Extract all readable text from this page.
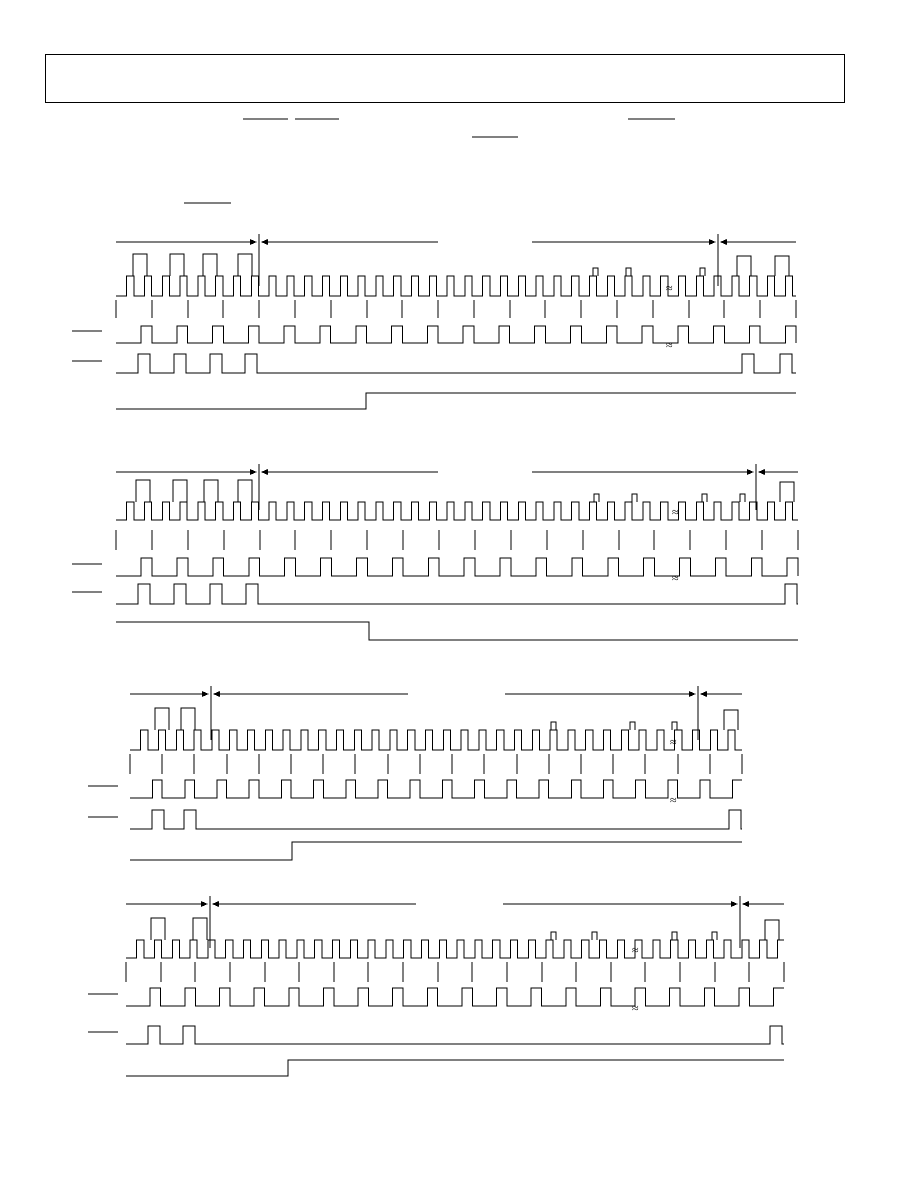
≈
≈
≈
≈
≈
≈
≈
≈
